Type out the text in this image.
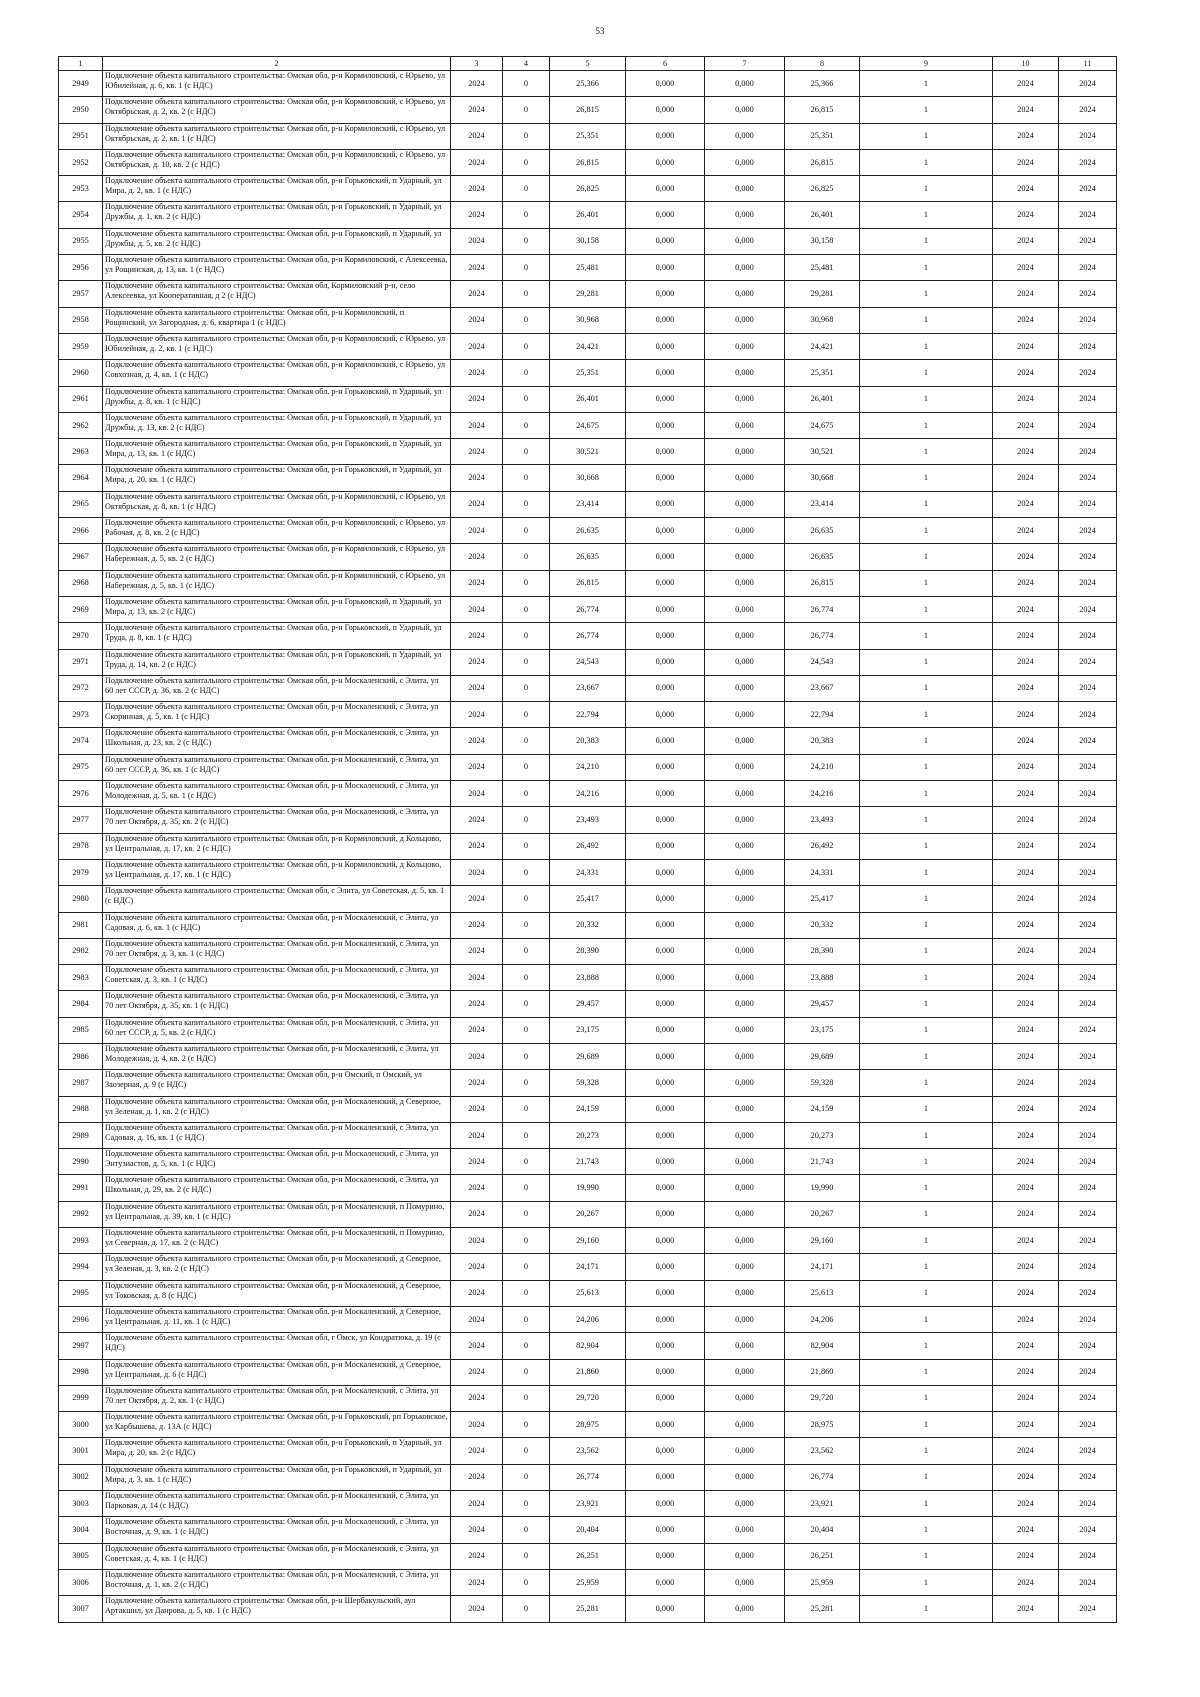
53
1	2	3	4	5	6	7	8	9	10	11
2949	Подключение объекта капитального строительства: Омская обл, р-н Кормиловский, с Юрьево, ул Юбилейная, д. 6, кв. 1 (с НДС)	2024	0	25,366	0,000	0,000	25,366	1	2024	2024
2950	Подключение объекта капитального строительства: Омская обл, р-н Кормиловский, с Юрьево, ул Октябрьская, д. 2, кв. 2 (с НДС)	2024	0	26,815	0,000	0,000	26,815	1	2024	2024
2951	Подключение объекта капитального строительства: Омская обл, р-н Кормиловский, с Юрьево, ул Октябрьская, д. 2, кв. 1 (с НДС)	2024	0	25,351	0,000	0,000	25,351	1	2024	2024
2952	Подключение объекта капитального строительства: Омская обл, р-н Кормиловский, с Юрьево, ул Октябрьская, д. 10, кв. 2 (с НДС)	2024	0	26,815	0,000	0,000	26,815	1	2024	2024
2953	Подключение объекта капитального строительства: Омская обл, р-н Горьковский, п Ударный, ул Мира, д. 2, кв. 1 (с НДС)	2024	0	26,825	0,000	0,000	26,825	1	2024	2024
2954	Подключение объекта капитального строительства: Омская обл, р-н Горьковский, п Ударный, ул Дружбы, д. 1, кв. 2 (с НДС)	2024	0	26,401	0,000	0,000	26,401	1	2024	2024
2955	Подключение объекта капитального строительства: Омская обл, р-н Горьковский, п Ударный, ул Дружбы, д. 5, кв. 2 (с НДС)	2024	0	30,158	0,000	0,000	30,158	1	2024	2024
2956	Подключение объекта капитального строительства: Омская обл, р-н Кормиловский, с Алексеевка, ул Рощинская, д. 13, кв. 1 (с НДС)	2024	0	25,481	0,000	0,000	25,481	1	2024	2024
2957	Подключение объекта капитального строительства: Омская обл, Кормиловский р-н, село Алексеевка, ул Кооперативная, д 2 (с НДС)	2024	0	29,281	0,000	0,000	29,281	1	2024	2024
2958	Подключение объекта капитального строительства: Омская обл, р-н Кормиловский, п Рощинский, ул Загородная, д. 6, квартира 1 (с НДС)	2024	0	30,968	0,000	0,000	30,968	1	2024	2024
2959	Подключение объекта капитального строительства: Омская обл, р-н Кормиловский, с Юрьево, ул Юбилейная, д. 2, кв. 1 (с НДС)	2024	0	24,421	0,000	0,000	24,421	1	2024	2024
2960	Подключение объекта капитального строительства: Омская обл, р-н Кормиловский, с Юрьево, ул Совхозная, д. 4, кв. 1 (с НДС)	2024	0	25,351	0,000	0,000	25,351	1	2024	2024
2961	Подключение объекта капитального строительства: Омская обл, р-н Горьковский, п Ударный, ул Дружбы, д. 8, кв. 1 (с НДС)	2024	0	26,401	0,000	0,000	26,401	1	2024	2024
2962	Подключение объекта капитального строительства: Омская обл, р-н Горьковский, п Ударный, ул Дружбы, д. 13, кв. 2 (с НДС)	2024	0	24,675	0,000	0,000	24,675	1	2024	2024
2963	Подключение объекта капитального строительства: Омская обл, р-н Горьковский, п Ударный, ул Мира, д. 13, кв. 1 (с НДС)	2024	0	30,521	0,000	0,000	30,521	1	2024	2024
2964	Подключение объекта капитального строительства: Омская обл, р-н Горьковский, п Ударный, ул Мира, д. 20, кв. 1 (с НДС)	2024	0	30,668	0,000	0,000	30,668	1	2024	2024
2965	Подключение объекта капитального строительства: Омская обл, р-н Кормиловский, с Юрьево, ул Октябрьская, д. 8, кв. 1 (с НДС)	2024	0	23,414	0,000	0,000	23,414	1	2024	2024
2966	Подключение объекта капитального строительства: Омская обл, р-н Кормиловский, с Юрьево, ул Рабочая, д. 8, кв. 2 (с НДС)	2024	0	26,635	0,000	0,000	26,635	1	2024	2024
2967	Подключение объекта капитального строительства: Омская обл, р-н Кормиловский, с Юрьево, ул Набережная, д. 5, кв. 2 (с НДС)	2024	0	26,635	0,000	0,000	26,635	1	2024	2024
2968	Подключение объекта капитального строительства: Омская обл, р-н Кормиловский, с Юрьево, ул Набережная, д. 5, кв. 1 (с НДС)	2024	0	26,815	0,000	0,000	26,815	1	2024	2024
2969	Подключение объекта капитального строительства: Омская обл, р-н Горьковский, п Ударный, ул Мира, д. 13, кв. 2 (с НДС)	2024	0	26,774	0,000	0,000	26,774	1	2024	2024
2970	Подключение объекта капитального строительства: Омская обл, р-н Горьковский, п Ударный, ул Труда, д. 8, кв. 1 (с НДС)	2024	0	26,774	0,000	0,000	26,774	1	2024	2024
2971	Подключение объекта капитального строительства: Омская обл, р-н Горьковский, п Ударный, ул Труда, д. 14, кв. 2 (с НДС)	2024	0	24,543	0,000	0,000	24,543	1	2024	2024
2972	Подключение объекта капитального строительства: Омская обл, р-н Москаленский, с Элита, ул 60 лет СССР, д. 36, кв. 2 (с НДС)	2024	0	23,667	0,000	0,000	23,667	1	2024	2024
2973	Подключение объекта капитального строительства: Омская обл, р-н Москаленский, с Элита, ул Скоринная, д. 5, кв. 1 (с НДС)	2024	0	22,794	0,000	0,000	22,794	1	2024	2024
2974	Подключение объекта капитального строительства: Омская обл, р-н Москаленский, с Элита, ул Школьная, д. 23, кв. 2 (с НДС)	2024	0	20,383	0,000	0,000	20,383	1	2024	2024
2975	Подключение объекта капитального строительства: Омская обл, р-н Москаленский, с Элита, ул 60 лет СССР, д. 36, кв. 1 (с НДС)	2024	0	24,210	0,000	0,000	24,210	1	2024	2024
2976	Подключение объекта капитального строительства: Омская обл, р-н Москаленский, с Элита, ул Молодежная, д. 5, кв. 1 (с НДС)	2024	0	24,216	0,000	0,000	24,216	1	2024	2024
2977	Подключение объекта капитального строительства: Омская обл, р-н Москаленский, с Элита, ул 70 лет Октября, д. 35, кв. 2 (с НДС)	2024	0	23,493	0,000	0,000	23,493	1	2024	2024
2978	Подключение объекта капитального строительства: Омская обл, р-н Кормиловский, д Кольцово, ул Центральная, д. 17, кв. 2 (с НДС)	2024	0	26,492	0,000	0,000	26,492	1	2024	2024
2979	Подключение объекта капитального строительства: Омская обл, р-н Кормиловский, д Кольцово, ул Центральная, д. 17, кв. 1 (с НДС)	2024	0	24,331	0,000	0,000	24,331	1	2024	2024
2980	Подключение объекта капитального строительства: Омская обл, с Элита, ул Советская, д. 5, кв. 1 (с НДС)	2024	0	25,417	0,000	0,000	25,417	1	2024	2024
2981	Подключение объекта капитального строительства: Омская обл, р-н Москаленский, с Элита, ул Садовая, д. 6, кв. 1 (с НДС)	2024	0	20,332	0,000	0,000	20,332	1	2024	2024
2982	Подключение объекта капитального строительства: Омская обл, р-н Москаленский, с Элита, ул 70 лет Октября, д. 3, кв. 1 (с НДС)	2024	0	28,390	0,000	0,000	28,390	1	2024	2024
2983	Подключение объекта капитального строительства: Омская обл, р-н Москаленский, с Элита, ул Советская, д. 3, кв. 1 (с НДС)	2024	0	23,888	0,000	0,000	23,888	1	2024	2024
2984	Подключение объекта капитального строительства: Омская обл, р-н Москаленский, с Элита, ул 70 лет Октября, д. 35, кв. 1 (с НДС)	2024	0	29,457	0,000	0,000	29,457	1	2024	2024
2985	Подключение объекта капитального строительства: Омская обл, р-н Москаленский, с Элита, ул 60 лет СССР, д. 5, кв. 2 (с НДС)	2024	0	23,175	0,000	0,000	23,175	1	2024	2024
2986	Подключение объекта капитального строительства: Омская обл, р-н Москаленский, с Элита, ул Молодежная, д. 4, кв. 2 (с НДС)	2024	0	29,689	0,000	0,000	29,689	1	2024	2024
2987	Подключение объекта капитального строительства: Омская обл, р-н Омский, п Омский, ул Заозерная, д. 9 (с НДС)	2024	0	59,328	0,000	0,000	59,328	1	2024	2024
2988	Подключение объекта капитального строительства: Омская обл, р-н Москаленский, д Северное, ул Зеленая, д. 1, кв. 2 (с НДС)	2024	0	24,159	0,000	0,000	24,159	1	2024	2024
2989	Подключение объекта капитального строительства: Омская обл, р-н Москаленский, с Элита, ул Садовая, д. 16, кв. 1 (с НДС)	2024	0	20,273	0,000	0,000	20,273	1	2024	2024
2990	Подключение объекта капитального строительства: Омская обл, р-н Москаленский, с Элита, ул Энтузиастов, д. 5, кв. 1 (с НДС)	2024	0	21,743	0,000	0,000	21,743	1	2024	2024
2991	Подключение объекта капитального строительства: Омская обл, р-н Москаленский, с Элита, ул Школьная, д. 29, кв. 2 (с НДС)	2024	0	19,990	0,000	0,000	19,990	1	2024	2024
2992	Подключение объекта капитального строительства: Омская обл, р-н Москаленский, п Помурино, ул Центральная, д. 39, кв. 1 (с НДС)	2024	0	20,267	0,000	0,000	20,267	1	2024	2024
2993	Подключение объекта капитального строительства: Омская обл, р-н Москаленский, п Помурино, ул Северная, д. 17, кв. 2 (с НДС)	2024	0	29,160	0,000	0,000	29,160	1	2024	2024
2994	Подключение объекта капитального строительства: Омская обл, р-н Москаленский, д Северное, ул Зеленая, д. 3, кв. 2 (с НДС)	2024	0	24,171	0,000	0,000	24,171	1	2024	2024
2995	Подключение объекта капитального строительства: Омская обл, р-н Москаленский, д Северное, ул Токовская, д. 8 (с НДС)	2024	0	25,613	0,000	0,000	25,613	1	2024	2024
2996	Подключение объекта капитального строительства: Омская обл, р-н Москаленский, д Северное, ул Центральная, д. 11, кв. 1 (с НДС)	2024	0	24,206	0,000	0,000	24,206	1	2024	2024
2997	Подключение объекта капитального строительства: Омская обл, г Омск, ул Кондратюка, д. 19 (с НДС)	2024	0	82,904	0,000	0,000	82,904	1	2024	2024
2998	Подключение объекта капитального строительства: Омская обл, р-н Москаленский, д Северное, ул Центральная, д. 6 (с НДС)	2024	0	21,860	0,000	0,000	21,860	1	2024	2024
2999	Подключение объекта капитального строительства: Омская обл, р-н Москаленский, с Элита, ул 70 лет Октября, д. 2, кв. 1 (с НДС)	2024	0	29,720	0,000	0,000	29,720	1	2024	2024
3000	Подключение объекта капитального строительства: Омская обл, р-н Горьковский, рп Горьковское, ул Карбышева, д. 13А (с НДС)	2024	0	28,975	0,000	0,000	28,975	1	2024	2024
3001	Подключение объекта капитального строительства: Омская обл, р-н Горьковский, п Ударный, ул Мира, д. 20, кв. 2 (с НДС)	2024	0	23,562	0,000	0,000	23,562	1	2024	2024
3002	Подключение объекта капитального строительства: Омская обл, р-н Горьковский, п Ударный, ул Мира, д. 3, кв. 1 (с НДС)	2024	0	26,774	0,000	0,000	26,774	1	2024	2024
3003	Подключение объекта капитального строительства: Омская обл, р-н Москаленский, с Элита, ул Парковая, д. 14 (с НДС)	2024	0	23,921	0,000	0,000	23,921	1	2024	2024
3004	Подключение объекта капитального строительства: Омская обл, р-н Москаленский, с Элита, ул Восточная, д. 9, кв. 1 (с НДС)	2024	0	20,404	0,000	0,000	20,404	1	2024	2024
3005	Подключение объекта капитального строительства: Омская обл, р-н Москаленский, с Элита, ул Советская, д. 4, кв. 1 (с НДС)	2024	0	26,251	0,000	0,000	26,251	1	2024	2024
3006	Подключение объекта капитального строительства: Омская обл, р-н Москаленский, с Элита, ул Восточная, д. 1, кв. 2 (с НДС)	2024	0	25,959	0,000	0,000	25,959	1	2024	2024
3007	Подключение объекта капитального строительства: Омская обл, р-н Шербакульский, аул Артакшил, ул Данрова, д. 5, кв. 1 (с НДС)	2024	0	25,281	0,000	0,000	25,281	1	2024	2024
